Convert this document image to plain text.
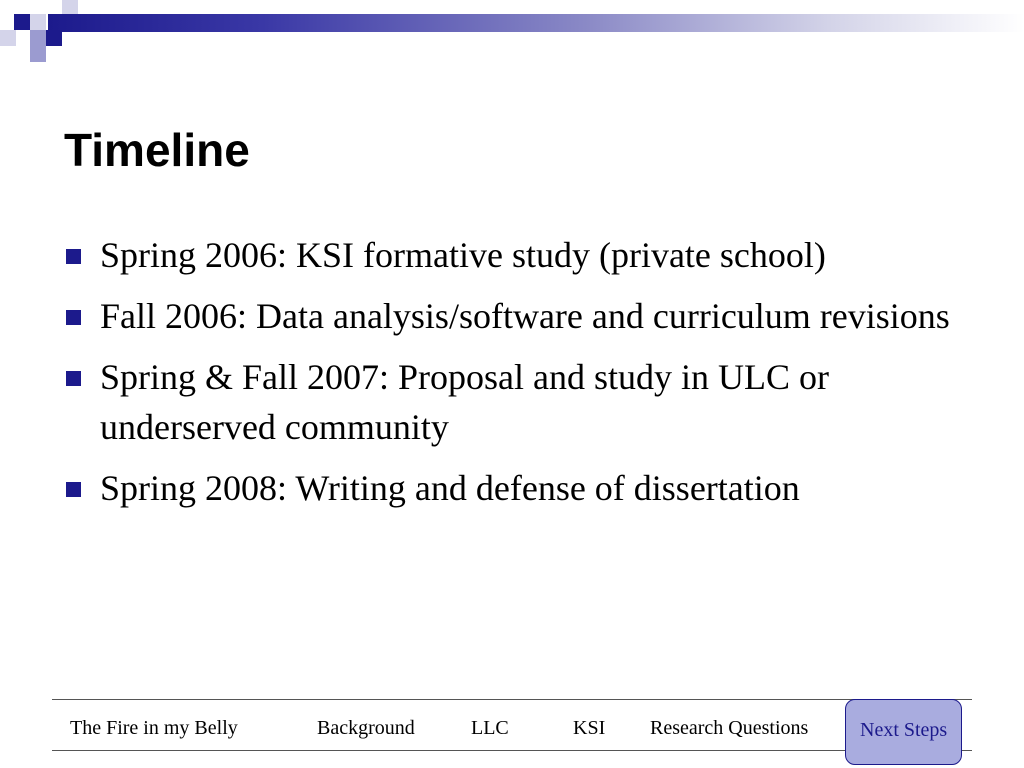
Timeline
Spring 2006: KSI formative study (private school)
Fall 2006: Data analysis/software and curriculum revisions
Spring & Fall 2007: Proposal and study in ULC or underserved community
Spring 2008: Writing and defense of dissertation
The Fire in my Belly	Background	LLC	KSI Research Questions	Next Steps
